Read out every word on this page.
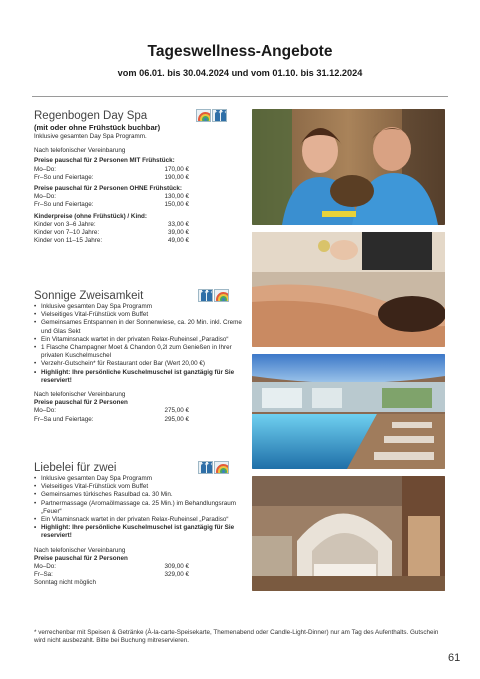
Tageswellness-Angebote
vom 06.01. bis 30.04.2024 und vom 01.10. bis 31.12.2024
Regenbogen Day Spa
(mit oder ohne Frühstück buchbar)

Inklusive gesamten Day Spa Programm.

Nach telefonischer Vereinbarung

Preise pauschal für 2 Personen MIT Frühstück:

Mo–Do:	170,00 €
Fr–So und Feiertage:	190,00 €

Preise pauschal für 2 Personen OHNE Frühstück:

Mo–Do:	130,00 €
Fr–So und Feiertage:	150,00 €

Kinderpreise (ohne Frühstück) / Kind:

Kinder von 3–6 Jahre:	33,00 €
Kinder von 7–10 Jahre:	39,00 €
Kinder von 11–15 Jahre:	49,00 €
Sonnige Zweisamkeit
• Inklusive gesamten Day Spa Programm
• Vielseitiges Vital-Frühstück vom Buffet
• Gemeinsames Entspannen in der Sonnenwiese, ca. 20 Min. inkl. Creme und Glas Sekt
• Ein Vitaminsnack wartet in der privaten Relax-Ruheinsel „Paradiso“
• 1 Flasche Champagner Moet & Chandon 0,2l zum Genießen in Ihrer privaten Kuschelmuschel
• Verzehr-Gutschein* für Restaurant oder Bar (Wert 20,00 €)
• Highlight: Ihre persönliche Kuschelmuschel ist ganztägig für Sie reserviert!

Nach telefonischer Vereinbarung

Preise pauschal für 2 Personen

Mo–Do:	275,00 €
Fr–Sa und Feiertage:	295,00 €
Liebelei für zwei
• Inklusive gesamten Day Spa Programm
• Vielseitiges Vital-Frühstück vom Buffet
• Gemeinsames türkisches Rasulbad ca. 30 Min.
• Partnermassage (Aromaölmassage ca. 25 Min.) im Behandlungsraum „Feuer“
• Ein Vitaminsnack wartet in der privaten Relax-Ruheinsel „Paradiso“
• Highlight: Ihre persönliche Kuschelmuschel ist ganztägig für Sie reserviert!

Nach telefonischer Vereinbarung

Preise pauschal für 2 Personen

Mo–Do:	309,00 €
Fr–Sa:	329,00 €

Sonntag nicht möglich

* verrechenbar mit Speisen & Getränke (À-la-carte-Speisekarte, Themenabend oder Candle-Light-Dinner) nur am Tag des Aufenthalts. Gutschein wird nicht ausbezahlt. Bitte bei Buchung mitreservieren.
61
